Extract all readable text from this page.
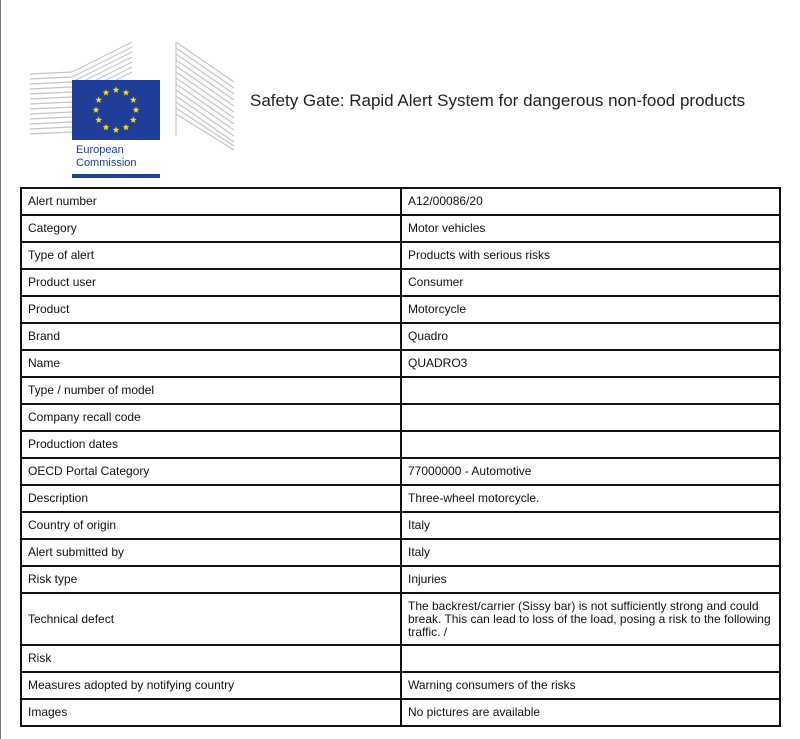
European
Commission
Safety Gate: Rapid Alert System for dangerous non-food products
Alert number	A12/00086/20
Category	Motor vehicles
Type of alert	Products with serious risks
Product user	Consumer
Product	Motorcycle
Brand	Quadro
Name	QUADRO3
Type / number of model	
Company recall code	
Production dates	
OECD Portal Category	77000000 - Automotive
Description	Three-wheel motorcycle.
Country of origin	Italy
Alert submitted by	Italy
Risk type	Injuries
Technical defect	The backrest/carrier (Sissy bar) is not sufficiently strong and could break. This can lead to loss of the load, posing a risk to the following traffic. /
Risk	
Measures adopted by notifying country	Warning consumers of the risks
Images	No pictures are available
